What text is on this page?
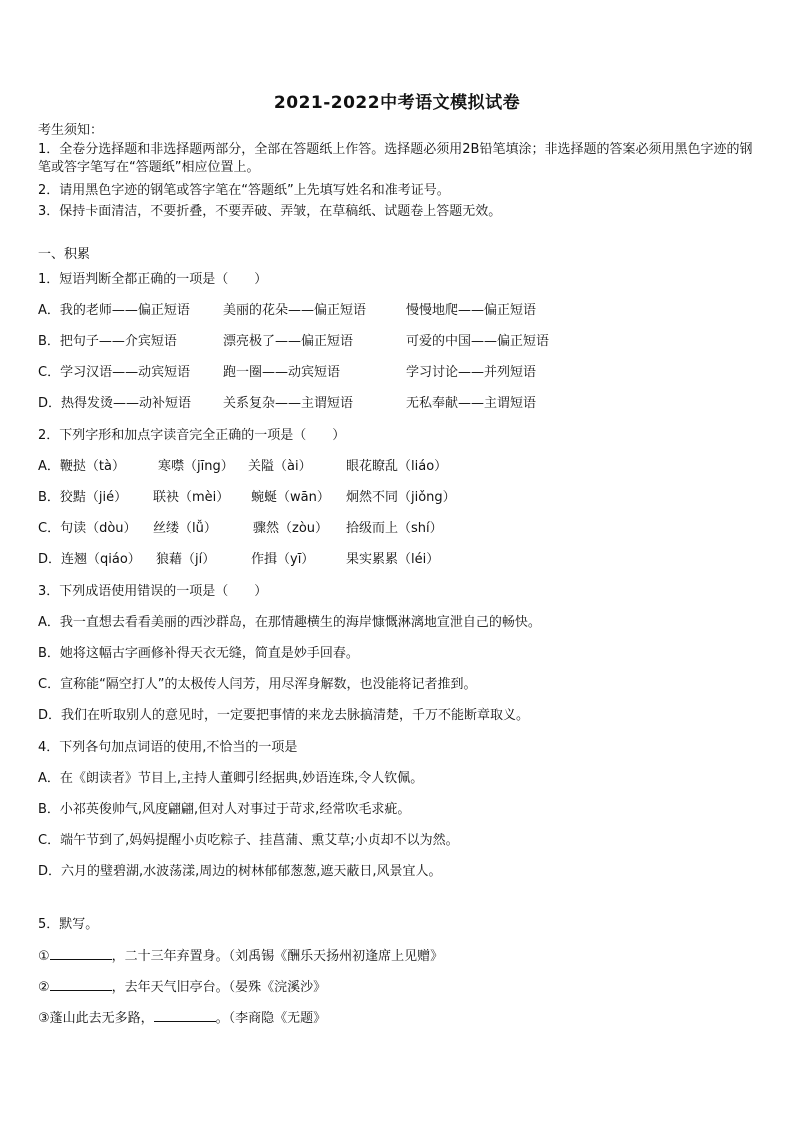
2021-2022中考语文模拟试卷
考生须知：
1．全卷分选择题和非选择题两部分，全部在答题纸上作答。选择题必须用2B铅笔填涂；非选择题的答案必须用黑色字迹的钢笔或答字笔写在“答题纸”相应位置上。
2．请用黑色字迹的钢笔或答字笔在“答题纸”上先填写姓名和准考证号。
3．保持卡面清洁，不要折叠，不要弄破、弄皱，在草稿纸、试题卷上答题无效。
一、积累
1．短语判断全都正确的一项是（　　）
A．我的老师——偏正短语	美丽的花朵——偏正短语	慢慢地爬——偏正短语
B．把句子——介宾短语	漂亮极了——偏正短语	可爱的中国——偏正短语
C．学习汉语——动宾短语	跑一圈——动宾短语	学习讨论——并列短语
D．热得发烫——动补短语 关系复杂——主谓短语	无私奉献——主谓短语
2．下列字形和加点字读音完全正确的一项是（　　）
A．鞭挞（tà）	寒噤（jīng） 关隘（ài）	眼花瞭乱（liáo）
B．狡黠（jié） 联袂（mèi） 蜿蜒（wān） 炯然不同（jiǒng）
C．句读（dòu） 丝缕（lǚ）	骤然（zòu） 拾级而上（shí）
D．连翘（qiáo） 狼藉（jí）	作揖（yī） 果实累累（léi）
3．下列成语使用错误的一项是（　　）
A．我一直想去看看美丽的西沙群岛，在那情趣横生的海岸慷慨淋漓地宣泄自己的畅快。
B．她将这幅古字画修补得天衣无缝，简直是妙手回春。
C．宣称能“隔空打人”的太极传人闫芳，用尽浑身解数，也没能将记者推到。
D．我们在听取别人的意见时，一定要把事情的来龙去脉搞清楚，千万不能断章取义。
4．下列各句加点词语的使用,不恰当的一项是
A．在《朗读者》节目上,主持人董卿引经据典,妙语连珠,令人钦佩。
B．小祁英俊帅气,风度翩翩,但对人对事过于苛求,经常吹毛求疵。
C．端午节到了,妈妈提醒小贞吃粽子、挂菖蒲、熏艾草;小贞却不以为然。
D．六月的璧碧湖,水波荡漾,周边的树林郁郁葱葱,遮天蔽日,风景宜人。
5．默写。
①	，二十三年弃置身。（刘禹锡《酬乐天扬州初逢席上见赠》
②	，去年天气旧亭台。（晏殊《浣溪沙》
③蓬山此去无多路，	。（李商隐《无题》
